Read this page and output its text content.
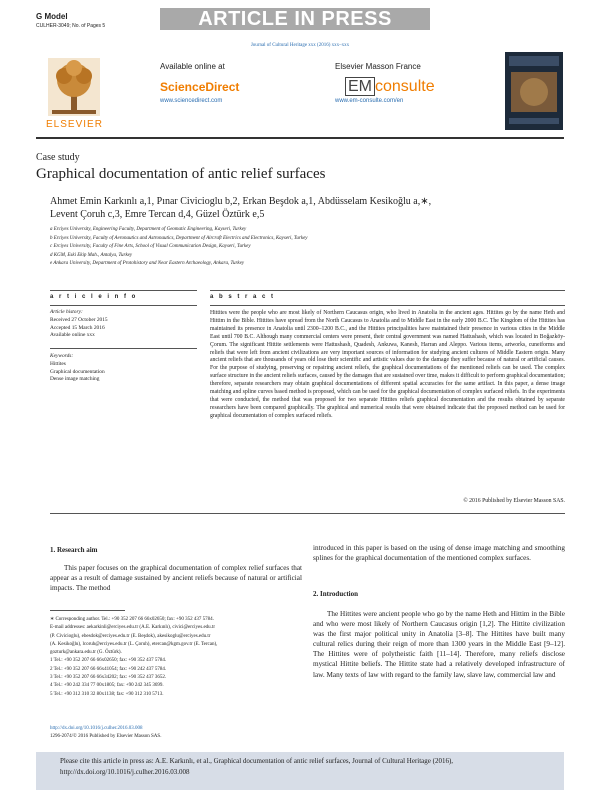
G Model
CULHER-3049; No. of Pages 5	ARTICLE IN PRESS
Journal of Cultural Heritage xxx (2016) xxx–xxx
ELSEVIER
Available online at
ScienceDirect
www.sciencedirect.com
Elsevier Masson France
EM consulte
www.em-consulte.com/en
Case study
Graphical documentation of antic relief surfaces
Ahmet Emin Karkınlı a,1, Pınar Civicioglu b,2, Erkan Beşdok a,1, Abdüsselam Kesikoğlu a,∗,
Levent Çoruh c,3, Emre Tercan d,4, Güzel Öztürk e,5
a Erciyes University, Engineering Faculty, Department of Geomatic Engineering, Kayseri, Turkey
b Erciyes University, Faculty of Aeronautics and Astronautics, Department of Aircraft Electrics and Electronics, Kayseri, Turkey
c Erciyes University, Faculty of Fine Arts, School of Visual Communication Design, Kayseri, Turkey
d KGM, Eski Ekip Mah., Antalya, Turkey
e Ankara University, Department of Protohistory and Near Eastern Archaeology, Ankara, Turkey
a r t i c l e i n f o
Article history:
Received 27 October 2015
Accepted 15 March 2016
Available online xxx
Keywords:
Hittites
Graphical documentation
Dense image matching
a b s t r a c t
Hittites were the people who are most likely of Northern Caucasus origin, who lived in Anatolia in the ancient ages. Hittites go by the name Heth and Hittim in the Bible. Hittites have spread from the North Caucasus to Anatolia and to Middle East in the early 2000 B.C. The Kingdom of the Hittites has maintained its presence in Anatolia until 2300–1200 B.C., and the Hittites principalities have maintained their presence in various cities in the Middle East until 700 B.C. Although many commercial centers were present, their central government was named Hattushash, which was located in Boğazköy-Çorum. The significant Hittite settlements were Hattushash, Quadesh, Ankuwa, Kanesh, Harran and Aleppo. Various items, artworks, cuneiforms and reliefs that were left from ancient civilizations are very important sources of information for studying ancient cultures of Middle Eastern origin. Many ancient reliefs that are thousands of years old lose their scientific and artistic values due to the damage they suffer because of natural or artificial causes. For the purpose of studying, preserving or repairing ancient reliefs, the graphical documentations of the mentioned reliefs can be used. The complex surface structure in the ancient reliefs surfaces, caused by the damages that are sustained over time, makes it difficult to perform graphical documentation; therefore, separate researchers may obtain graphical documentations of different spatial accuracies for the same artifact. In this paper, a dense image matching and spline curves based method is proposed, which can be used for the graphical documentation of complex surfaced reliefs. In the experiments that were conducted, the method that was proposed for two separate Hittites reliefs graphical documentation and the results obtained by separate researchers have been compared graphically. The graphical and numerical results that were obtained indicate that the proposed method can be used for graphical documentation of complex surfaced reliefs.
© 2016 Published by Elsevier Masson SAS.
1. Research aim
This paper focuses on the graphical documentation of complex relief surfaces that appear as a result of damage sustained by ancient reliefs because of natural or artificial impacts. The method
∗ Corresponding author. Tel.: +90 352 207 66 66x02650; fax: +90 352 437 5784.
E-mail addresses: aekarkinli@erciyes.edu.tr (A.E. Karkınlı), civici@erciyes.edu.tr
(P. Civicioglu), ebesdok@erciyes.edu.tr (E. Beşdok), akesikoglu@erciyes.edu.tr
(A. Kesikoğlu), lcoruh@erciyes.edu.tr (L. Çoruh), etercan@kgm.gov.tr (E. Tercan),
gozturk@ankara.edu.tr (G. Öztürk).
1 Tel.: +90 352 207 66 66x02650; fax: +90 352 437 5784.
2 Tel.: +90 352 207 66 66x41054; fax: +90 242 437 5784.
3 Tel.: +90 352 207 66 66x34202; fax: +90 352 437 3652.
4 Tel.: +90 242 334 77 00x1805; fax: +90 242 345 3699.
5 Tel.: +90 312 310 32 80x1138; fax: +90 312 310 5713.
http://dx.doi.org/10.1016/j.culher.2016.03.008
1296-2074/© 2016 Published by Elsevier Masson SAS.
introduced in this paper is based on the using of dense image matching and smoothing splines for the graphical documentation of the mentioned complex surfaces.
2. Introduction
The Hittites were ancient people who go by the name Heth and Hittim in the Bible and who were most likely of Northern Caucasus origin [1,2]. The Hittite civilization was the first major political unity in Anatolia [3–8]. The Hittites have built many cultural relics during their reign of more than 1300 years in the Middle East [9–12]. The Hittites were of polytheistic faith [11–14]. Therefore, many reliefs disclose mystical Hittite beliefs. The Hittite state had a relatively developed infrastructure of law. Many texts of law with regard to the family law, slave law, commercial law and
Please cite this article in press as: A.E. Karkınlı, et al., Graphical documentation of antic relief surfaces, Journal of Cultural Heritage (2016), http://dx.doi.org/10.1016/j.culher.2016.03.008
